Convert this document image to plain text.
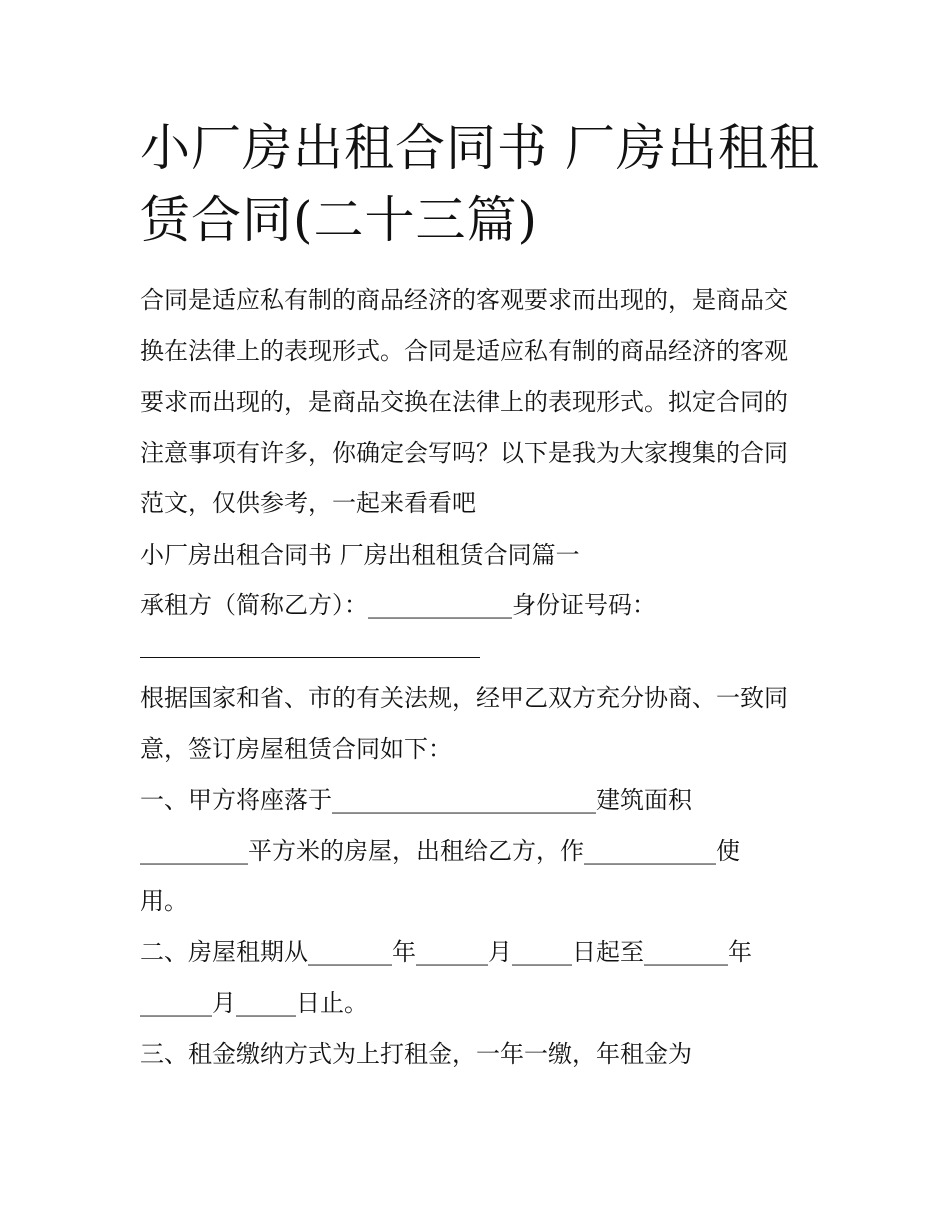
小厂房出租合同书 厂房出租租
赁合同(二十三篇)

合同是适应私有制的商品经济的客观要求而出现的，是商品交

换在法律上的表现形式。合同是适应私有制的商品经济的客观

要求而出现的，是商品交换在法律上的表现形式。拟定合同的

注意事项有许多，你确定会写吗？以下是我为大家搜集的合同

范文，仅供参考，一起来看看吧

小厂房出租合同书 厂房出租租赁合同篇一

承租方（简称乙方）：____________身份证号码：

根据国家和省、市的有关法规，经甲乙双方充分协商、一致同

意，签订房屋租赁合同如下：

一、甲方将座落于______________________建筑面积

_________平方米的房屋，出租给乙方，作___________使

用。

二、房屋租期从_______年______月_____日起至_______年

______月_____日止。

三、租金缴纳方式为上打租金，一年一缴，年租金为
